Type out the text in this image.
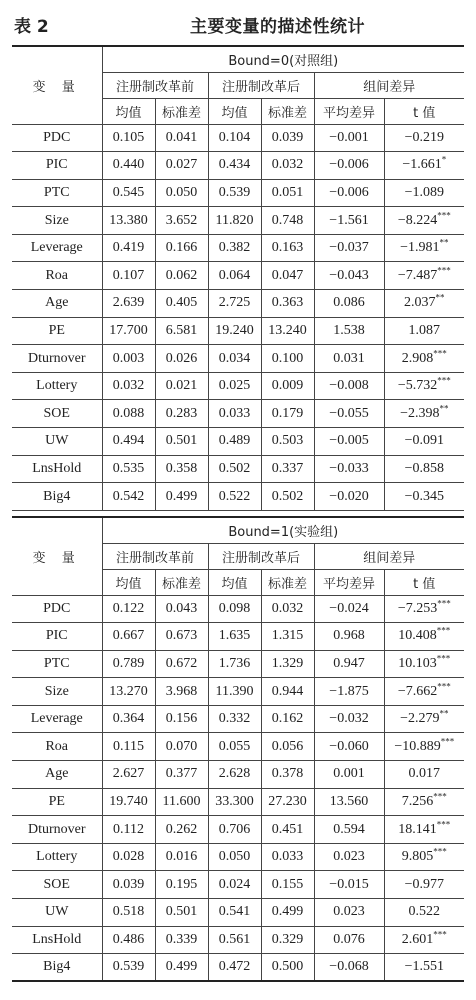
表 2	主要变量的描述性统计
变 量	Bound=0(对照组)					
	注册制改革前		注册制改革后		组间差异	
	均值	标准差	均值	标准差	平均差异	t 值
PDC	0.105	0.041	0.104	0.039	−0.001	−0.219
PIC	0.440	0.027	0.434	0.032	−0.006	−1.661*
PTC	0.545	0.050	0.539	0.051	−0.006	−1.089
Size	13.380	3.652	11.820	0.748	−1.561	−8.224***
Leverage	0.419	0.166	0.382	0.163	−0.037	−1.981**
Roa	0.107	0.062	0.064	0.047	−0.043	−7.487***
Age	2.639	0.405	2.725	0.363	0.086	2.037**
PE	17.700	6.581	19.240	13.240	1.538	1.087
Dturnover	0.003	0.026	0.034	0.100	0.031	2.908***
Lottery	0.032	0.021	0.025	0.009	−0.008	−5.732***
SOE	0.088	0.283	0.033	0.179	−0.055	−2.398**
UW	0.494	0.501	0.489	0.503	−0.005	−0.091
LnsHold	0.535	0.358	0.502	0.337	−0.033	−0.858
Big4	0.542	0.499	0.522	0.502	−0.020	−0.345
变 量	Bound=1(实验组)					
	注册制改革前		注册制改革后		组间差异	
	均值	标准差	均值	标准差	平均差异	t 值
PDC	0.122	0.043	0.098	0.032	−0.024	−7.253***
PIC	0.667	0.673	1.635	1.315	0.968	10.408***
PTC	0.789	0.672	1.736	1.329	0.947	10.103***
Size	13.270	3.968	11.390	0.944	−1.875	−7.662***
Leverage	0.364	0.156	0.332	0.162	−0.032	−2.279**
Roa	0.115	0.070	0.055	0.056	−0.060	−10.889***
Age	2.627	0.377	2.628	0.378	0.001	0.017
PE	19.740	11.600	33.300	27.230	13.560	7.256***
Dturnover	0.112	0.262	0.706	0.451	0.594	18.141***
Lottery	0.028	0.016	0.050	0.033	0.023	9.805***
SOE	0.039	0.195	0.024	0.155	−0.015	−0.977
UW	0.518	0.501	0.541	0.499	0.023	0.522
LnsHold	0.486	0.339	0.561	0.329	0.076	2.601***
Big4	0.539	0.499	0.472	0.500	−0.068	−1.551
